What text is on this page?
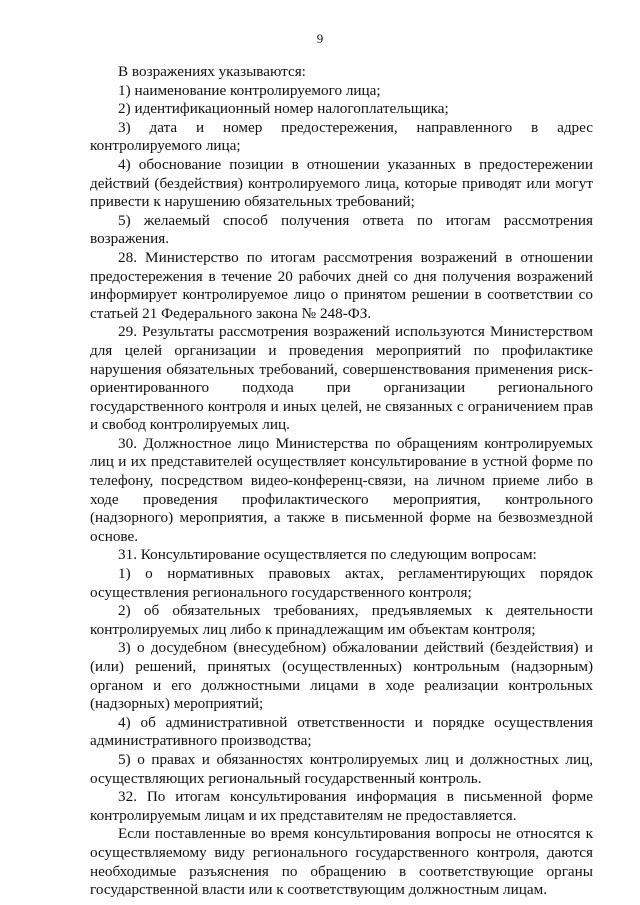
9

В возражениях указываются:

1) наименование контролируемого лица;

2) идентификационный номер налогоплательщика;

3) дата и номер предостережения, направленного в адрес контролируемого лица;

4) обоснование позиции в отношении указанных в предостережении действий (бездействия) контролируемого лица, которые приводят или могут привести к нарушению обязательных требований;

5) желаемый способ получения ответа по итогам рассмотрения возражения.

28. Министерство по итогам рассмотрения возражений в отношении предостережения в течение 20 рабочих дней со дня получения возражений информирует контролируемое лицо о принятом решении в соответствии со статьей 21 Федерального закона № 248-ФЗ.

29. Результаты рассмотрения возражений используются Министерством для целей организации и проведения мероприятий по профилактике нарушения обязательных требований, совершенствования применения риск-ориентированного подхода при организации регионального государственного контроля и иных целей, не связанных с ограничением прав и свобод контролируемых лиц.

30. Должностное лицо Министерства по обращениям контролируемых лиц и их представителей осуществляет консультирование в устной форме по телефону, посредством видео-конференц-связи, на личном приеме либо в ходе проведения профилактического мероприятия, контрольного (надзорного) мероприятия, а также в письменной форме на безвозмездной основе.

31. Консультирование осуществляется по следующим вопросам:

1) о нормативных правовых актах, регламентирующих порядок осуществления регионального государственного контроля;

2) об обязательных требованиях, предъявляемых к деятельности контролируемых лиц либо к принадлежащим им объектам контроля;

3) о досудебном (внесудебном) обжаловании действий (бездействия) и (или) решений, принятых (осуществленных) контрольным (надзорным) органом и его должностными лицами в ходе реализации контрольных (надзорных) мероприятий;

4) об административной ответственности и порядке осуществления административного производства;

5) о правах и обязанностях контролируемых лиц и должностных лиц, осуществляющих региональный государственный контроль.

32. По итогам консультирования информация в письменной форме контролируемым лицам и их представителям не предоставляется.

Если поставленные во время консультирования вопросы не относятся к осуществляемому виду регионального государственного контроля, даются необходимые разъяснения по обращению в соответствующие органы государственной власти или к соответствующим должностным лицам.
